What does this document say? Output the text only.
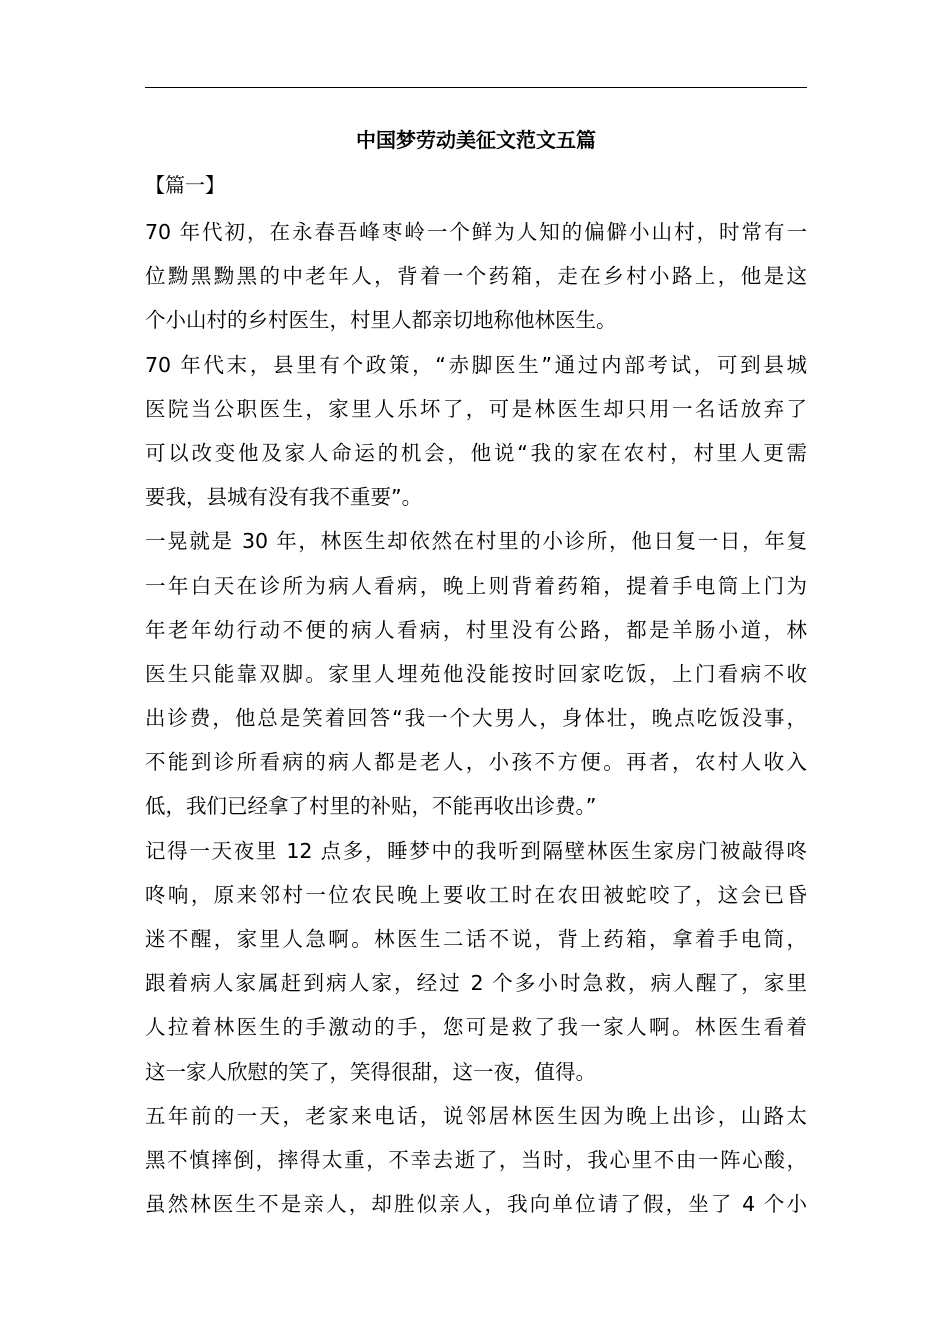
中国梦劳动美征文范文五篇
【篇一】

70 年代初，在永春吾峰枣岭一个鲜为人知的偏僻小山村，时常有一
位黝黑黝黑的中老年人，背着一个药箱，走在乡村小路上，他是这
个小山村的乡村医生，村里人都亲切地称他林医生。

70 年代末，县里有个政策，“赤脚医生”通过内部考试，可到县城
医院当公职医生，家里人乐坏了，可是林医生却只用一名话放弃了
可以改变他及家人命运的机会，他说“我的家在农村，村里人更需
要我，县城有没有我不重要”。

一晃就是 30 年，林医生却依然在村里的小诊所，他日复一日，年复
一年白天在诊所为病人看病，晚上则背着药箱，提着手电筒上门为
年老年幼行动不便的病人看病，村里没有公路，都是羊肠小道，林
医生只能靠双脚。家里人埋苑他没能按时回家吃饭，上门看病不收
出诊费，他总是笑着回答“我一个大男人，身体壮，晚点吃饭没事，
不能到诊所看病的病人都是老人，小孩不方便。再者，农村人收入
低，我们已经拿了村里的补贴，不能再收出诊费。”

记得一天夜里 12 点多，睡梦中的我听到隔壁林医生家房门被敲得咚
咚响，原来邻村一位农民晚上要收工时在农田被蛇咬了，这会已昏
迷不醒，家里人急啊。林医生二话不说，背上药箱，拿着手电筒，
跟着病人家属赶到病人家，经过 2 个多小时急救，病人醒了，家里
人拉着林医生的手激动的手，您可是救了我一家人啊。林医生看着
这一家人欣慰的笑了，笑得很甜，这一夜，值得。

五年前的一天，老家来电话，说邻居林医生因为晚上出诊，山路太
黑不慎摔倒，摔得太重，不幸去逝了，当时，我心里不由一阵心酸，
虽然林医生不是亲人，却胜似亲人，我向单位请了假，坐了 4 个小
